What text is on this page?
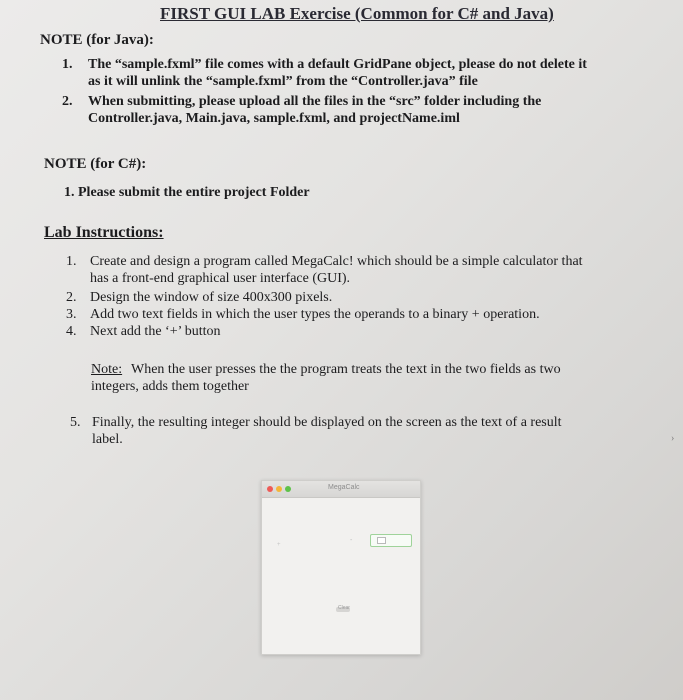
FIRST GUI LAB Exercise (Common for C# and Java)
NOTE (for Java):
1. The “sample.fxml” file comes with a default GridPane object, please do not delete it
as it will unlink the “sample.fxml” from the “Controller.java” file
2. When submitting, please upload all the files in the “src” folder including the
Controller.java, Main.java, sample.fxml, and projectName.iml
NOTE (for C#):
1. Please submit the entire project Folder
Lab Instructions:
1. Create and design a program called MegaCalc! which should be a simple calculator that
has a front-end graphical user interface (GUI).
2. Design the window of size 400x300 pixels.
3. Add two text fields in which the user types the operands to a binary + operation.
4. Next add the ‘+’ button
Note: When the user presses the the program treats the text in the two fields as two
integers, adds them together
5. Finally, the resulting integer should be displayed on the screen as the text of a result
label.
MegaCalc
-
+
Clear
›
